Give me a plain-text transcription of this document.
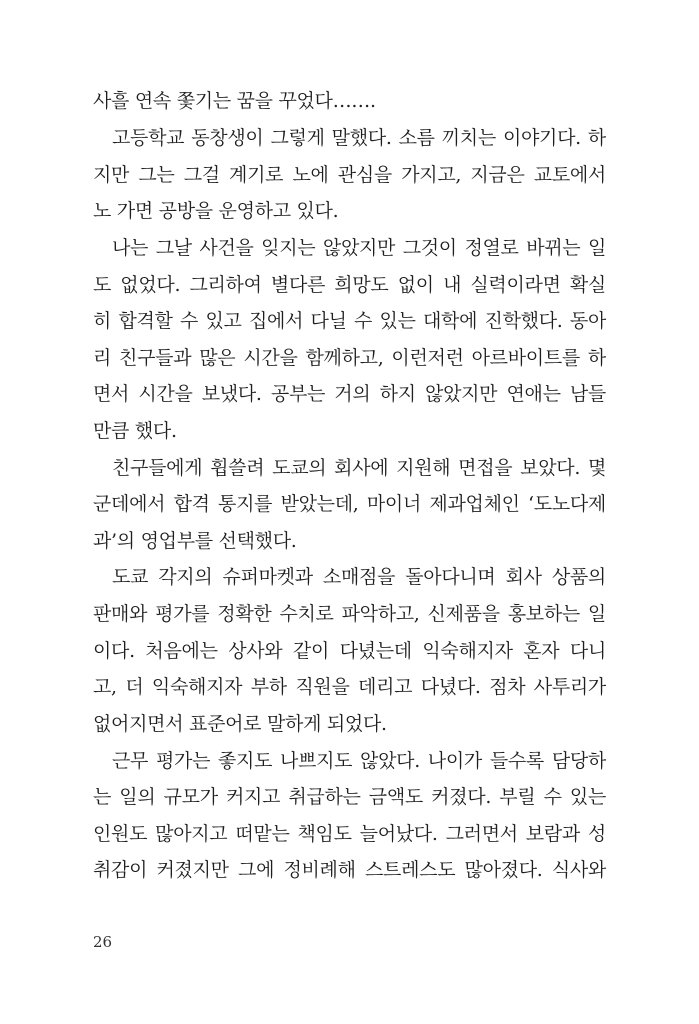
사흘 연속 쫓기는 꿈을 꾸었다…….
고등학교 동창생이 그렇게 말했다. 소름 끼치는 이야기다. 하
지만 그는 그걸 계기로 노에 관심을 가지고, 지금은 교토에서
노 가면 공방을 운영하고 있다.
나는 그날 사건을 잊지는 않았지만 그것이 정열로 바뀌는 일
도 없었다. 그리하여 별다른 희망도 없이 내 실력이라면 확실
히 합격할 수 있고 집에서 다닐 수 있는 대학에 진학했다. 동아
리 친구들과 많은 시간을 함께하고, 이런저런 아르바이트를 하
면서 시간을 보냈다. 공부는 거의 하지 않았지만 연애는 남들
만큼 했다.
친구들에게 휩쓸려 도쿄의 회사에 지원해 면접을 보았다. 몇
군데에서 합격 통지를 받았는데, 마이너 제과업체인 ‘도노다제
과’의 영업부를 선택했다.
도쿄 각지의 슈퍼마켓과 소매점을 돌아다니며 회사 상품의
판매와 평가를 정확한 수치로 파악하고, 신제품을 홍보하는 일
이다. 처음에는 상사와 같이 다녔는데 익숙해지자 혼자 다니
고, 더 익숙해지자 부하 직원을 데리고 다녔다. 점차 사투리가
없어지면서 표준어로 말하게 되었다.
근무 평가는 좋지도 나쁘지도 않았다. 나이가 들수록 담당하
는 일의 규모가 커지고 취급하는 금액도 커졌다. 부릴 수 있는
인원도 많아지고 떠맡는 책임도 늘어났다. 그러면서 보람과 성
취감이 커졌지만 그에 정비례해 스트레스도 많아졌다. 식사와
26
